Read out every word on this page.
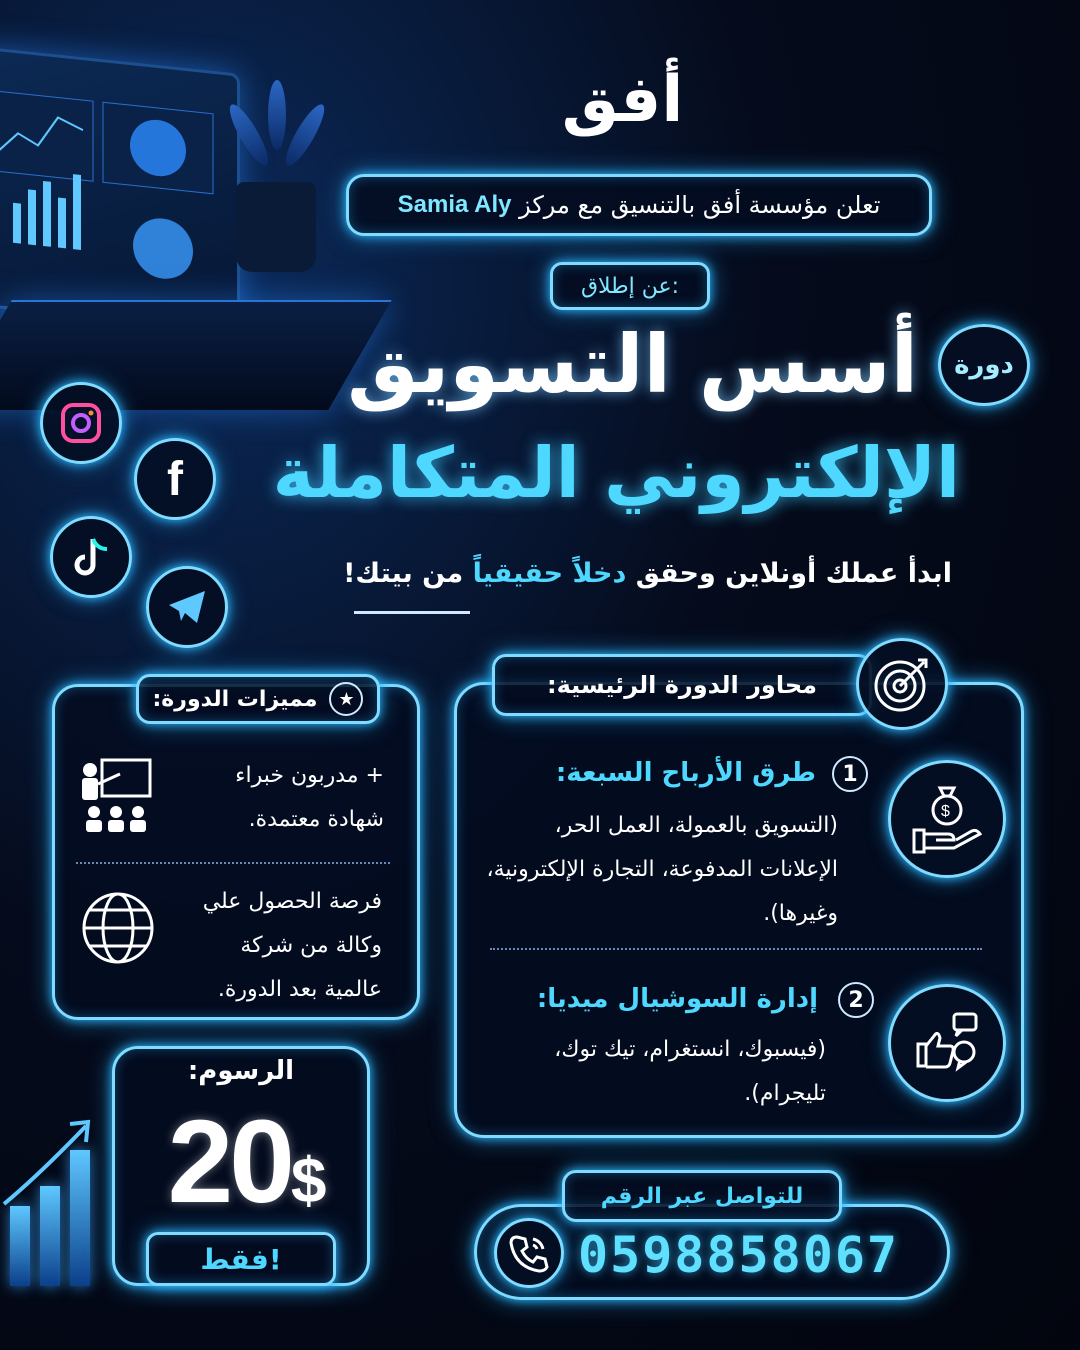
أفق
تعلن مؤسسة أفق بالتنسيق مع مركز

Samia Aly
عن إطلاق:
دورة
أسس التسويق
الإلكتروني المتكاملة
ابدأ عملك أونلاين وحقق دخلاً حقيقياً من بيتك!
f
مميزات الدورة:	★
+ مدربون خبراء
شهادة معتمدة.
فرصة الحصول علي
وكالة من شركة
عالمية بعد الدورة.
محاور الدورة الرئيسية:
1
طرق الأرباح السبعة:
(التسويق بالعمولة، العمل الحر،
الإعلانات المدفوعة، التجارة الإلكترونية،
وغيرها).
$
2
إدارة السوشيال ميديا:
(فيسبوك، انستغرام، تيك توك،
تليجرام).
الرسوم:
20$
فقط!
للتواصل عبر الرقم
0598858067
